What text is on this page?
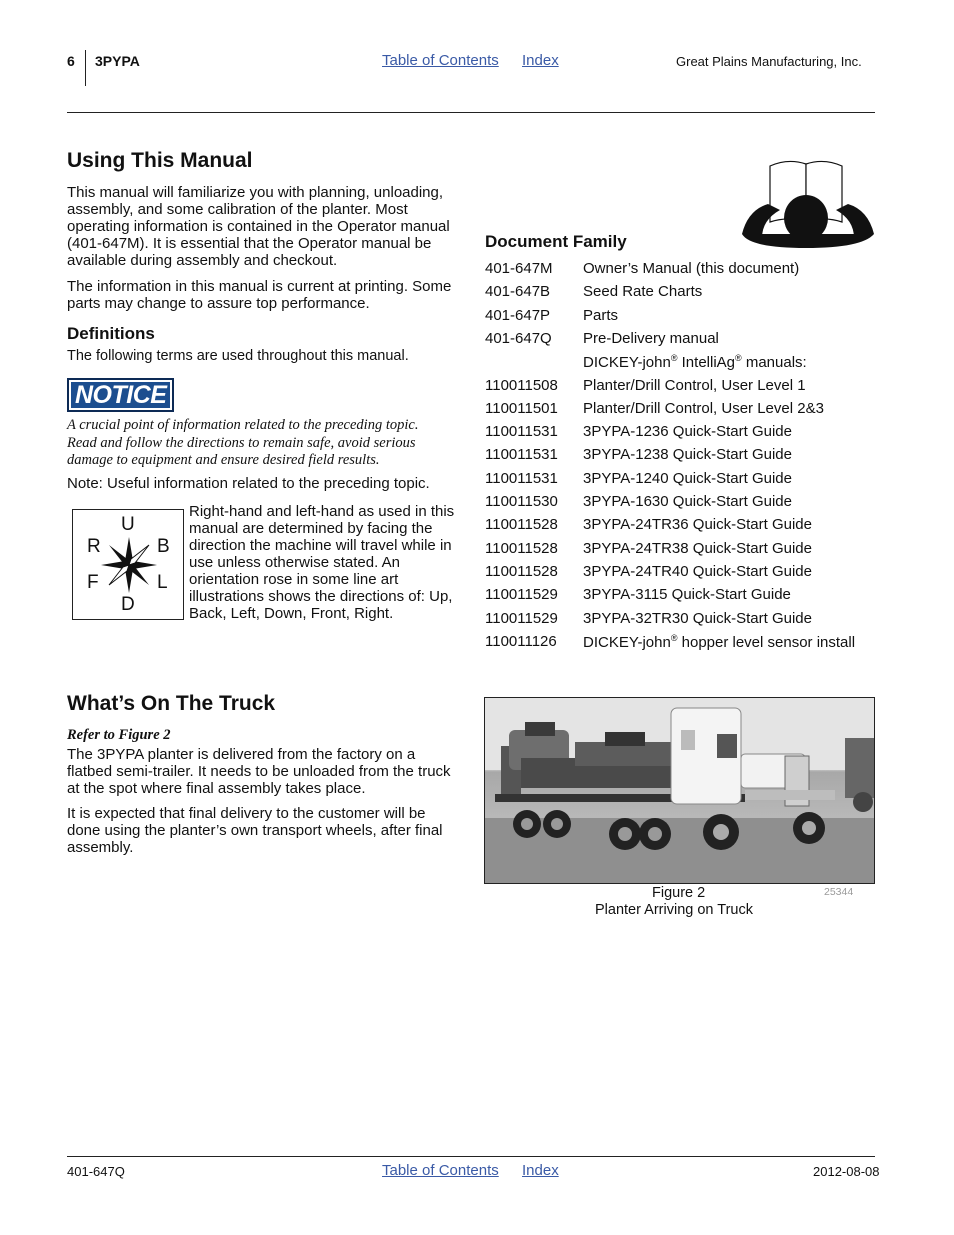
6 3PYPA	Table of Contents Index	Great Plains Manufacturing, Inc.
Using This Manual
This manual will familiarize you with planning, unloading, assembly, and some calibration of the planter. Most operating information is contained in the Operator manual (401-647M). It is essential that the Operator manual be available during assembly and checkout.
The information in this manual is current at printing. Some parts may change to assure top performance.
Definitions
The following terms are used throughout this manual.
NOTICE
A crucial point of information related to the preceding topic. Read and follow the directions to remain safe, avoid serious damage to equipment and ensure desired field results.
Note: Useful information related to the preceding topic.
U
R	B
F	L
D
Right-hand and left-hand as used in this manual are determined by facing the direction the machine will travel while in use unless otherwise stated. An orientation rose in some line art illustrations shows the directions of: Up, Back, Left, Down, Front, Right.
Document Family
401-647M	Owner’s Manual (this document)
401-647B	Seed Rate Charts
401-647P	Parts
401-647Q	Pre-Delivery manual
DICKEY-john® IntelliAg® manuals:
110011508	Planter/Drill Control, User Level 1
110011501	Planter/Drill Control, User Level 2&3
110011531	3PYPA-1236 Quick-Start Guide
110011531	3PYPA-1238 Quick-Start Guide
110011531	3PYPA-1240 Quick-Start Guide
110011530	3PYPA-1630 Quick-Start Guide
110011528	3PYPA-24TR36 Quick-Start Guide
110011528	3PYPA-24TR38 Quick-Start Guide
110011528	3PYPA-24TR40 Quick-Start Guide
110011529	3PYPA-3115 Quick-Start Guide
110011529	3PYPA-32TR30 Quick-Start Guide
110011126	DICKEY-john® hopper level sensor install
What’s On The Truck
Refer to Figure 2
The 3PYPA planter is delivered from the factory on a flatbed semi-trailer. It needs to be unloaded from the truck at the spot where final assembly takes place.
It is expected that final delivery to the customer will be done using the planter’s own transport wheels, after final assembly.
Figure 2
Planter Arriving on Truck
25344
401-647Q	Table of Contents Index	2012-08-08
